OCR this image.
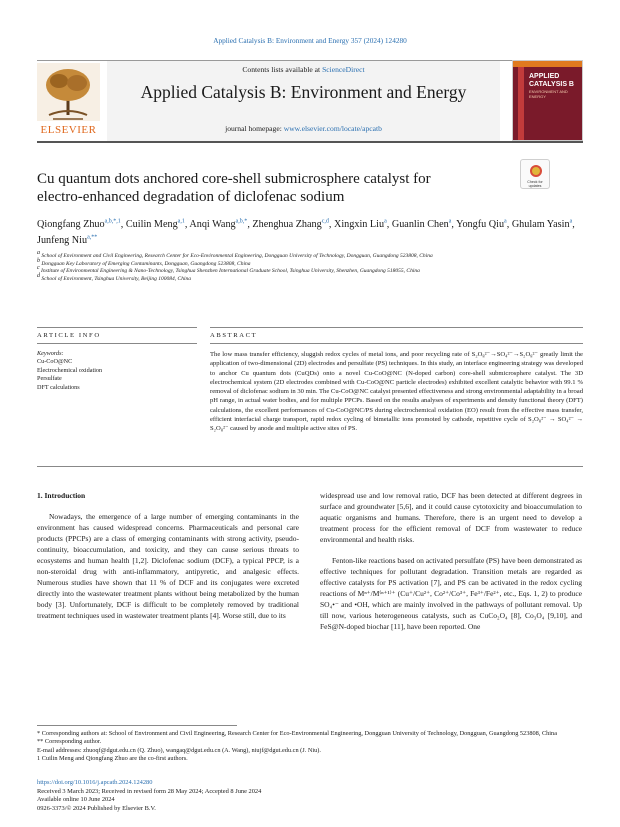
Applied Catalysis B: Environment and Energy 357 (2024) 124280
ELSEVIER
Contents lists available at ScienceDirect
Applied Catalysis B: Environment and Energy
journal homepage: www.elsevier.com/locate/apcatb
APPLIED CATALYSIS B
ENVIRONMENT AND ENERGY
Cu quantum dots anchored core-shell submicrosphere catalyst for electro-enhanced degradation of diclofenac sodium
Check for updates
Qiongfang Zhuo$^{a,b,*,1}$, Cuilin Meng$^{a,1}$, Anqi Wang$^{a,b,*}$, Zhenghua Zhang$^{c,d}$, Xingxin Liu$^a$, Guanlin Chen$^a$, Yongfu Qiu$^a$, Ghulam Yasin$^a$, Junfeng Niu$^{a,**}$
a School of Environment and Civil Engineering, Research Center for Eco-Environmental Engineering, Dongguan University of Technology, Dongguan, Guangdong 523808, China
b Dongguan Key Laboratory of Emerging Contaminants, Dongguan, Guangdong 523808, China
c Institute of Environmental Engineering & Nano-Technology, Tsinghua Shenzhen International Graduate School, Tsinghua University, Shenzhen, Guangdong 518055, China
d School of Environment, Tsinghua University, Beijing 100084, China
ARTICLE INFO	ABSTRACT
Keywords:
Cu-CoO@NC
Electrochemical oxidation
Persulfate
DFT calculations
The low mass transfer efficiency, sluggish redox cycles of metal ions, and poor recycling rate of S₂O₈²⁻→SO₄²⁻→S₂O₈²⁻ greatly limit the application of two-dimensional (2D) electrodes and persulfate (PS) techniques. In this study, an interface engineering strategy was developed to anchor Cu quantum dots (CuQDs) onto a novel Cu-CoO@NC (N-doped carbon) core-shell submicrosphere catalyst. The 3D electrochemical system (2D electrodes combined with Cu-CoO@NC particle electrodes) exhibited excellent catalytic behavior with 99.1 % removal of diclofenac sodium in 30 min. The Cu-CoO@NC catalyst presented effectiveness and strong environmental adaptability in a broad pH range, in actual water bodies, and for multiple PPCPs. Based on the results analyses of experiments and density functional theory (DFT) calculations, the excellent performances of Cu-CoO@NC/PS during electrochemical oxidation (EO) result from the effective mass transfer, efficient interfacial charge transport, rapid redox cycling of bimetallic ions promoted by cathode, repetitive cycle of S₂O₈²⁻ → SO₄²⁻ → S₂O₈²⁻ caused by anode and multiple active sites of PS.

1. Introduction

Nowadays, the emergence of a large number of emerging contaminants in the environment has caused widespread concerns. Pharmaceuticals and personal care products (PPCPs) are a class of emerging contaminants with strong activity, pseudo-continuity, bioaccumulation, and toxicity, and they can cause serious threats to ecosystems and human health [1,2]. Diclofenac sodium (DCF), a typical PPCP, is a non-steroidal drug with anti-inflammatory, antipyretic, and analgesic effects. Numerous studies have shown that 11 % of DCF and its conjugates were excreted directly into the wastewater treatment plants without being metabolized by the human body [3]. Unfortunately, DCF is difficult to be completely removed by traditional treatment techniques used in wastewater treatment plants [4]. Worse still, due to its

widespread use and low removal ratio, DCF has been detected at different degrees in surface and groundwater [5,6], and it could cause cytotoxicity and bioaccumulation to aquatic organisms and humans. Therefore, there is an urgent need to develop a treatment process for the efficient removal of DCF from wastewater to reduce environmental and health risks.

Fenton-like reactions based on activated persulfate (PS) have been demonstrated as effective techniques for pollutant degradation. Transition metals are regarded as effective catalysts for PS activation [7], and PS can be activated in the redox cycling reactions of Mⁿ⁺/M⁽ⁿ⁺¹⁾⁺ (Cu⁺/Cu²⁺, Co²⁺/Co³⁺, Fe³⁺/Fe²⁺, etc., Eqs. 1, 2) to produce SO₄•⁻ and •OH, which are mainly involved in the pathways of pollutant removal. Up till now, various heterogeneous catalysts, such as CuCo₂O₄ [8], Co₃O₄ [9,10], and FeS@N-doped biochar [11], have been reported. One

* Corresponding authors at: School of Environment and Civil Engineering, Research Center for Eco-Environmental Engineering, Dongguan University of Technology, Dongguan, Guangdong 523808, China

** Corresponding author.

E-mail addresses: zhuoqf@dgut.edu.cn (Q. Zhuo), wangaq@dgut.edu.cn (A. Wang), niujf@dgut.edu.cn (J. Niu).

1 Cuilin Meng and Qiongfang Zhuo are the co-first authors.

https://doi.org/10.1016/j.apcatb.2024.124280
Received 3 March 2023; Received in revised form 28 May 2024; Accepted 8 June 2024
Available online 10 June 2024
0926-3373/© 2024 Published by Elsevier B.V.
